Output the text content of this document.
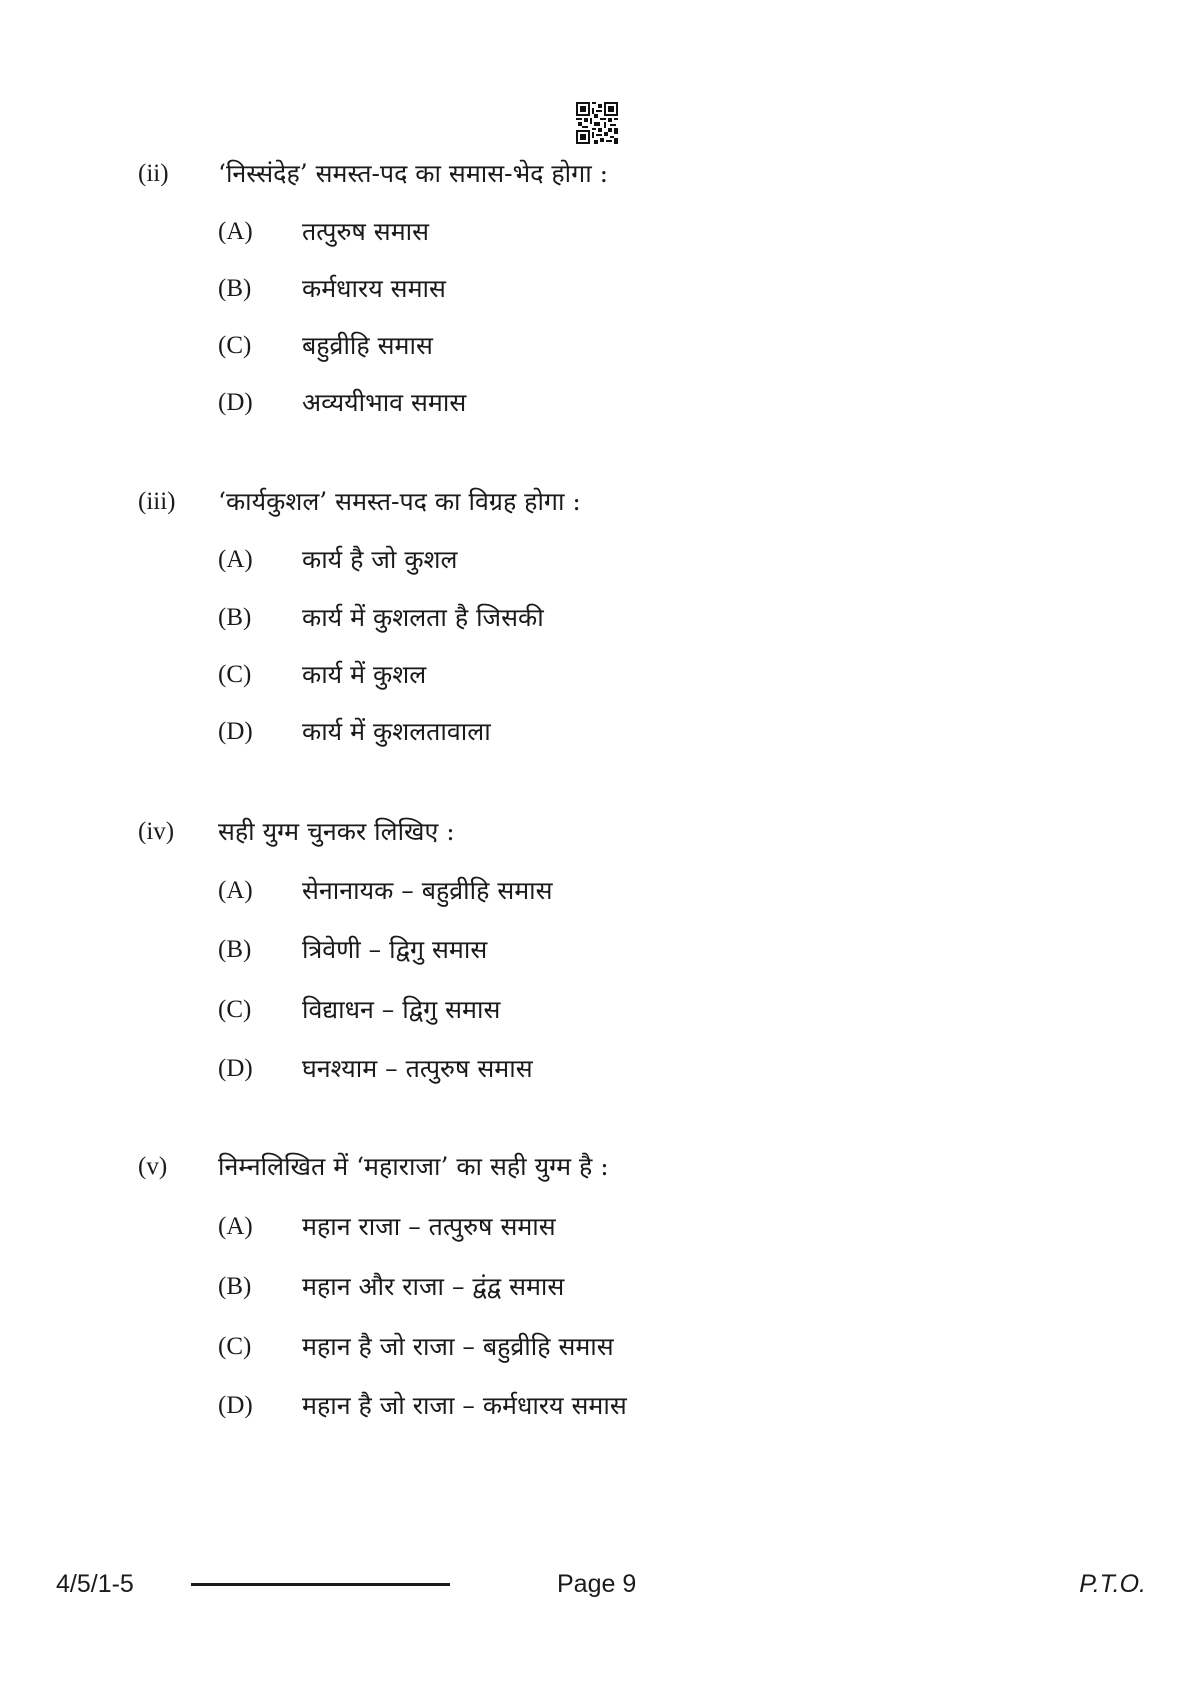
(ii) ‘निस्संदेह’ समस्त-पद का समास-भेद होगा :
(A) तत्पुरुष समास
(B) कर्मधारय समास
(C) बहुव्रीहि समास
(D) अव्ययीभाव समास
(iii) ‘कार्यकुशल’ समस्त-पद का विग्रह होगा :
(A) कार्य है जो कुशल
(B) कार्य में कुशलता है जिसकी
(C) कार्य में कुशल
(D) कार्य में कुशलतावाला
(iv) सही युग्म चुनकर लिखिए :
(A) सेनानायक – बहुव्रीहि समास
(B) त्रिवेणी – द्विगु समास
(C) विद्याधन – द्विगु समास
(D) घनश्याम – तत्पुरुष समास
(v) निम्नलिखित में ‘महाराजा’ का सही युग्म है :
(A) महान राजा – तत्पुरुष समास
(B) महान और राजा – द्वंद्व समास
(C) महान है जो राजा – बहुव्रीहि समास
(D) महान है जो राजा – कर्मधारय समास
4/5/1-5	Page 9	P.T.O.
